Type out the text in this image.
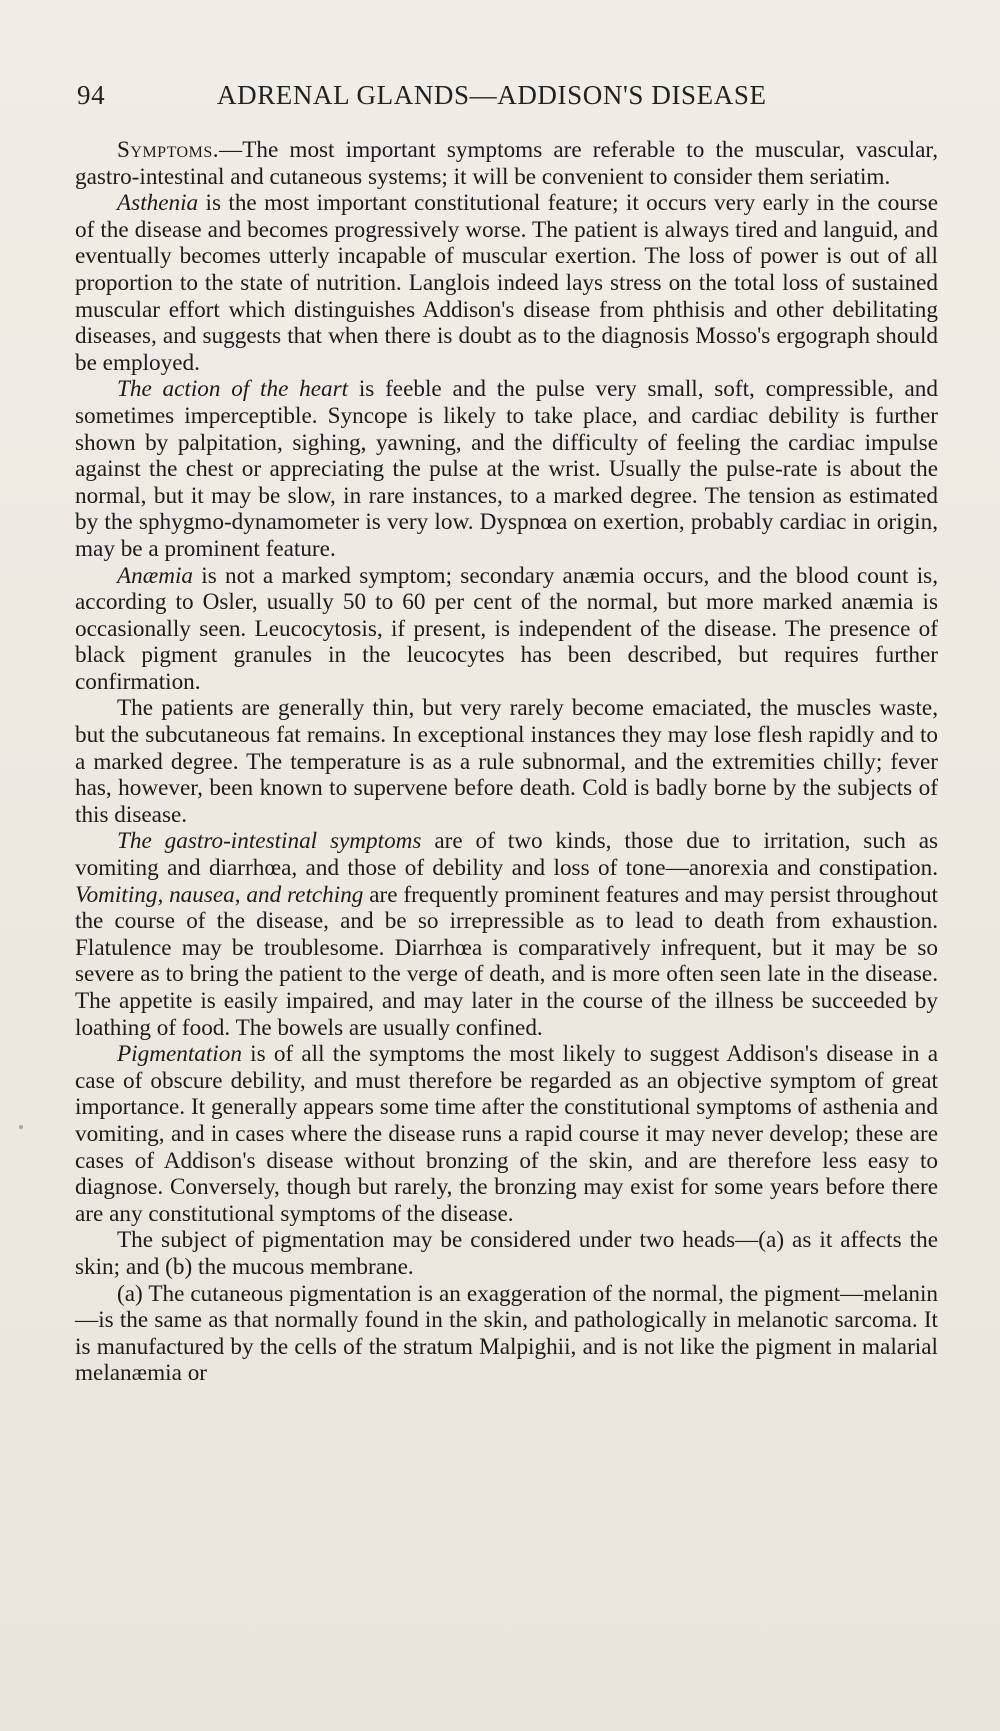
94	ADRENAL GLANDS—ADDISON'S DISEASE

Symptoms.—The most important symptoms are referable to the muscular, vascular, gastro-intestinal and cutaneous systems; it will be convenient to consider them seriatim.

Asthenia is the most important constitutional feature; it occurs very early in the course of the disease and becomes progressively worse. The patient is always tired and languid, and eventually becomes utterly incapable of muscular exertion. The loss of power is out of all proportion to the state of nutrition. Langlois indeed lays stress on the total loss of sustained muscular effort which distinguishes Addison's disease from phthisis and other debilitating diseases, and suggests that when there is doubt as to the diagnosis Mosso's ergograph should be employed.

The action of the heart is feeble and the pulse very small, soft, compressible, and sometimes imperceptible. Syncope is likely to take place, and cardiac debility is further shown by palpitation, sighing, yawning, and the difficulty of feeling the cardiac impulse against the chest or appreciating the pulse at the wrist. Usually the pulse-rate is about the normal, but it may be slow, in rare instances, to a marked degree. The tension as estimated by the sphygmo-dynamometer is very low. Dyspnœa on exertion, probably cardiac in origin, may be a prominent feature.

Anæmia is not a marked symptom; secondary anæmia occurs, and the blood count is, according to Osler, usually 50 to 60 per cent of the normal, but more marked anæmia is occasionally seen. Leucocytosis, if present, is independent of the disease. The presence of black pigment granules in the leucocytes has been described, but requires further confirmation.

The patients are generally thin, but very rarely become emaciated, the muscles waste, but the subcutaneous fat remains. In exceptional instances they may lose flesh rapidly and to a marked degree. The temperature is as a rule subnormal, and the extremities chilly; fever has, however, been known to supervene before death. Cold is badly borne by the subjects of this disease.

The gastro-intestinal symptoms are of two kinds, those due to irritation, such as vomiting and diarrhœa, and those of debility and loss of tone—anorexia and constipation. Vomiting, nausea, and retching are frequently prominent features and may persist throughout the course of the disease, and be so irrepressible as to lead to death from exhaustion. Flatulence may be troublesome. Diarrhœa is comparatively infrequent, but it may be so severe as to bring the patient to the verge of death, and is more often seen late in the disease. The appetite is easily impaired, and may later in the course of the illness be succeeded by loathing of food. The bowels are usually confined.

Pigmentation is of all the symptoms the most likely to suggest Addison's disease in a case of obscure debility, and must therefore be regarded as an objective symptom of great importance. It generally appears some time after the constitutional symptoms of asthenia and vomiting, and in cases where the disease runs a rapid course it may never develop; these are cases of Addison's disease without bronzing of the skin, and are therefore less easy to diagnose. Conversely, though but rarely, the bronzing may exist for some years before there are any constitutional symptoms of the disease.

The subject of pigmentation may be considered under two heads—(a) as it affects the skin; and (b) the mucous membrane.

(a) The cutaneous pigmentation is an exaggeration of the normal, the pigment—melanin—is the same as that normally found in the skin, and pathologically in melanotic sarcoma. It is manufactured by the cells of the stratum Malpighii, and is not like the pigment in malarial melanæmia or
